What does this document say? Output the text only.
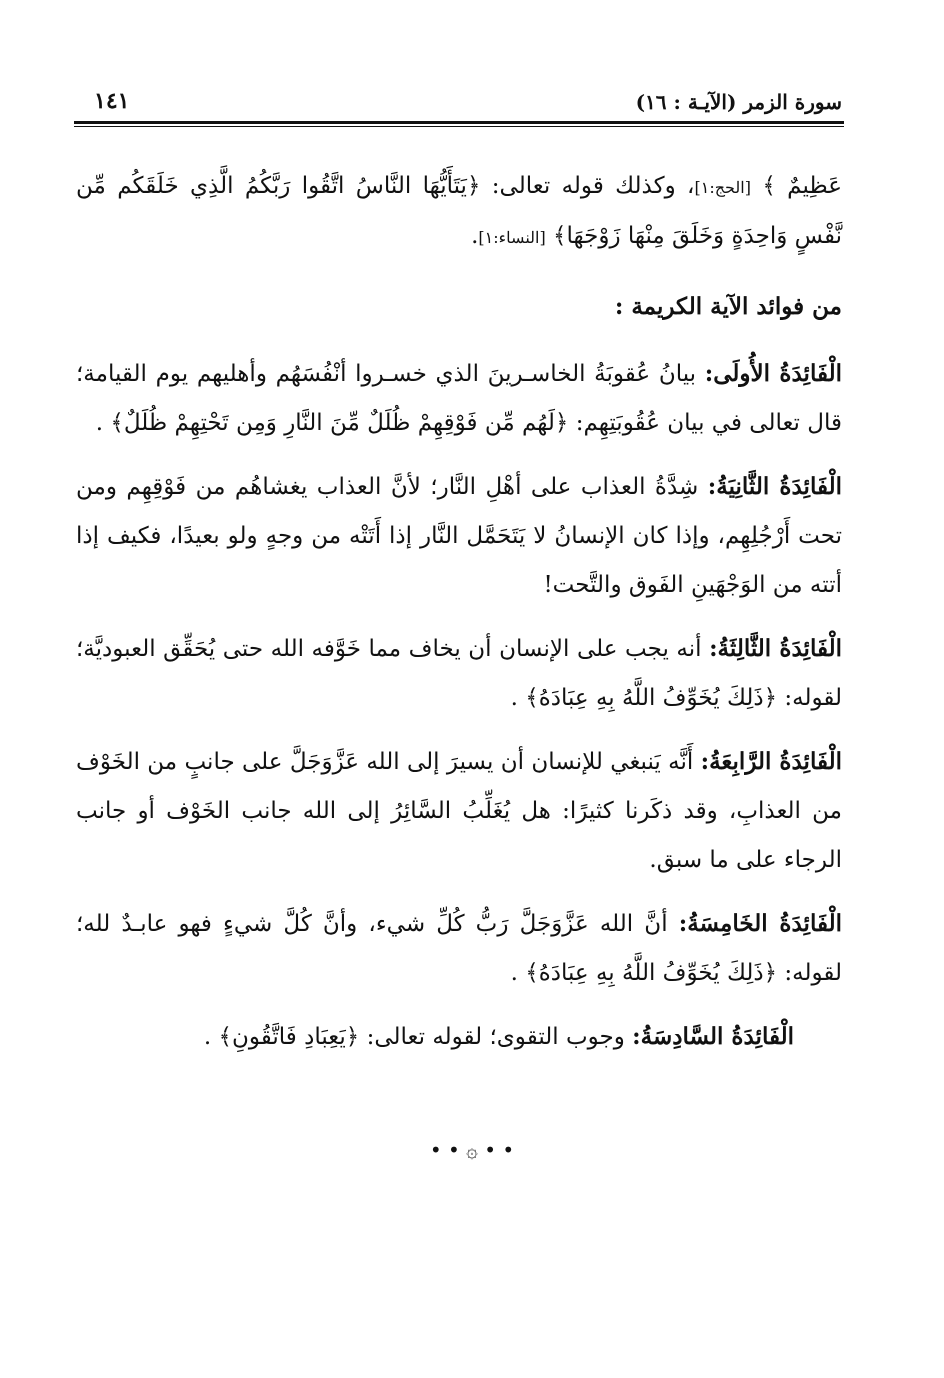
سورة الزمر (الآيـة : ١٦)
١٤١

عَظِيمٌ ﴾ [الحج:١]، وكذلك قوله تعالى: ﴿ يَتَأَيُّهَا النَّاسُ اتَّقُوا رَبَّكُمُ الَّذِي خَلَقَكُم مِّن نَّفْسٍ وَاحِدَةٍ وَخَلَقَ مِنْهَا زَوْجَهَا ﴾ [النساء:١].

من فوائد الآية الكريمة :

الْفَائِدَةُ الأُولَى: بيانُ عُقوبَةُ الخاسـرينَ الذي خسـروا أنْفُسَهُم وأهليهم يوم القيامة؛ قال تعالى في بيان عُقُوبَتِهِم: ﴿ لَهُم مِّن فَوْقِهِمْ ظُلَلٌ مِّنَ النَّارِ وَمِن تَحْتِهِمْ ظُلَلٌ ﴾ .

الْفَائِدَةُ الثَّانِيَةُ: شِدَّةُ العذاب على أهْلِ النَّار؛ لأنَّ العذاب يغشاهُم من فَوْقِهِم ومن تحت أَرْجُلِهِم، وإذا كان الإنسانُ لا يَتَحَمَّل النَّار إذا أَتَتْه من وجهٍ ولو بعيدًا، فكيف إذا أتته من الوَجْهَينِ الفَوق والتَّحت!

الْفَائِدَةُ الثَّالِثَةُ: أنه يجب على الإنسان أن يخاف مما خَوَّفه الله حتى يُحَقِّق العبوديَّة؛ لقوله: ﴿ ذَلِكَ يُخَوِّفُ اللَّهُ بِهِ عِبَادَهُ ﴾ .

الْفَائِدَةُ الرَّابِعَةُ: أَنَّه يَنبغي للإنسان أن يسيرَ إلى الله عَزَّوَجَلَّ على جانبٍ من الخَوْف من العذابِ، وقد ذكَرنا كثيرًا: هل يُغَلِّبُ السَّائِرُ إلى الله جانب الخَوْف أو جانب الرجاء على ما سبق.

الْفَائِدَةُ الخَامِسَةُ: أنَّ الله عَزَّوَجَلَّ رَبُّ كُلِّ شيء، وأنَّ كُلَّ شيءٍ فهو عابـدٌ لله؛ لقوله: ﴿ ذَلِكَ يُخَوِّفُ اللَّهُ بِهِ عِبَادَهُ ﴾ .

الْفَائِدَةُ السَّادِسَةُ: وجوب التقوى؛ لقوله تعالى: ﴿ يَعِبَادِ فَاتَّقُونِ ﴾ .

• • ۞ • •
